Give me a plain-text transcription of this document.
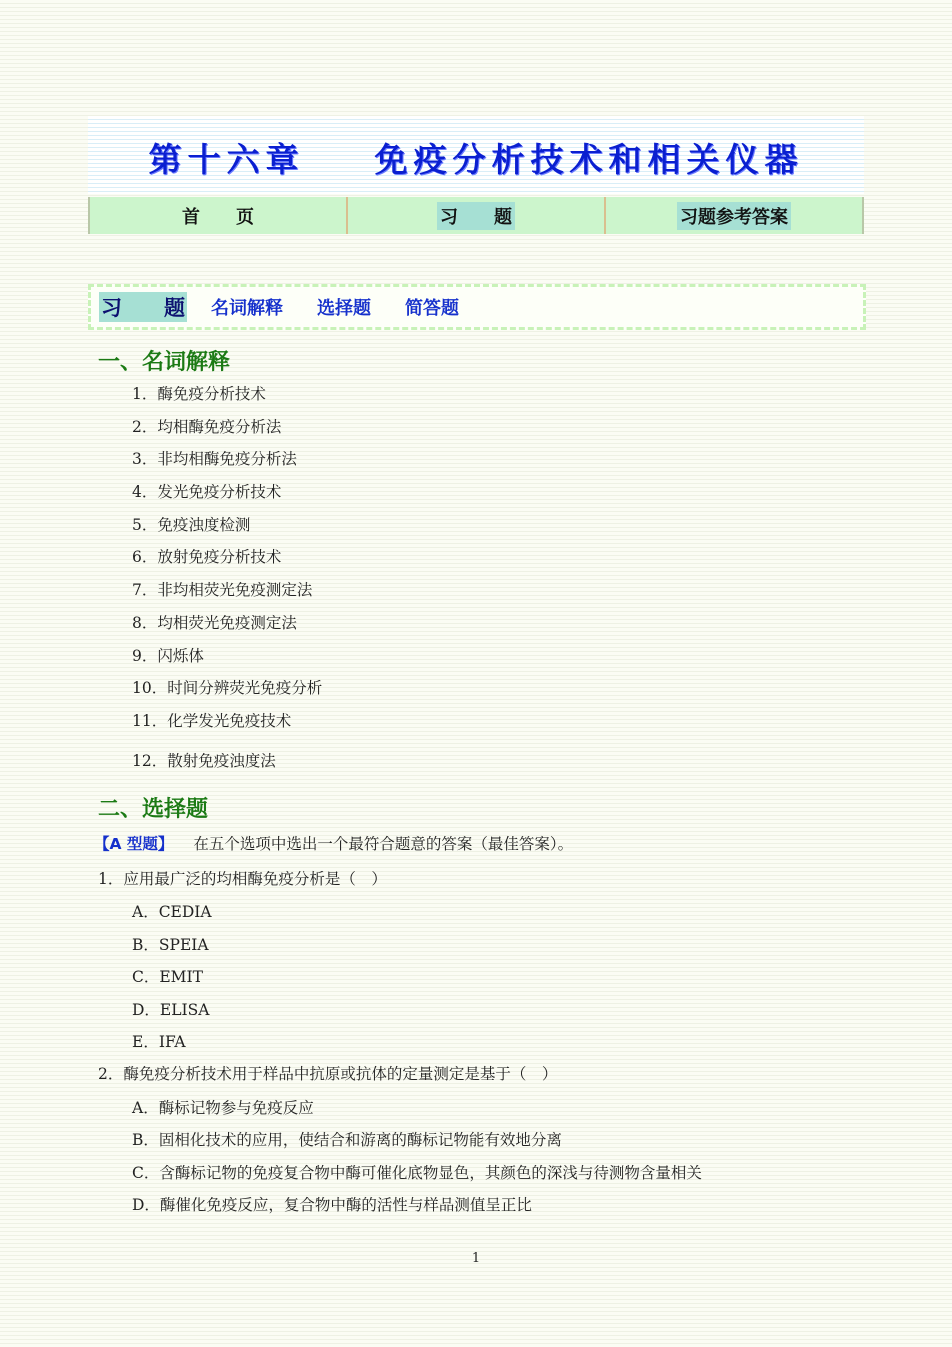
第十六章    免疫分析技术和相关仪器
首　　页	习　　题	习题参考答案
习　　题 名词解释 选择题 简答题
一、名词解释
1．酶免疫分析技术
2．均相酶免疫分析法
3．非均相酶免疫分析法
4．发光免疫分析技术
5．免疫浊度检测
6．放射免疫分析技术
7．非均相荧光免疫测定法
8．均相荧光免疫测定法
9．闪烁体
10．时间分辨荧光免疫分析
11．化学发光免疫技术
12．散射免疫浊度法
二、选择题
【A 型题】 在五个选项中选出一个最符合题意的答案（最佳答案）。
1．应用最广泛的均相酶免疫分析是（　）
A．CEDIA
B．SPEIA
C．EMIT
D．ELISA
E．IFA
2．酶免疫分析技术用于样品中抗原或抗体的定量测定是基于（　）
A．酶标记物参与免疫反应
B．固相化技术的应用，使结合和游离的酶标记物能有效地分离
C．含酶标记物的免疫复合物中酶可催化底物显色，其颜色的深浅与待测物含量相关
D．酶催化免疫反应，复合物中酶的活性与样品测值呈正比
1
